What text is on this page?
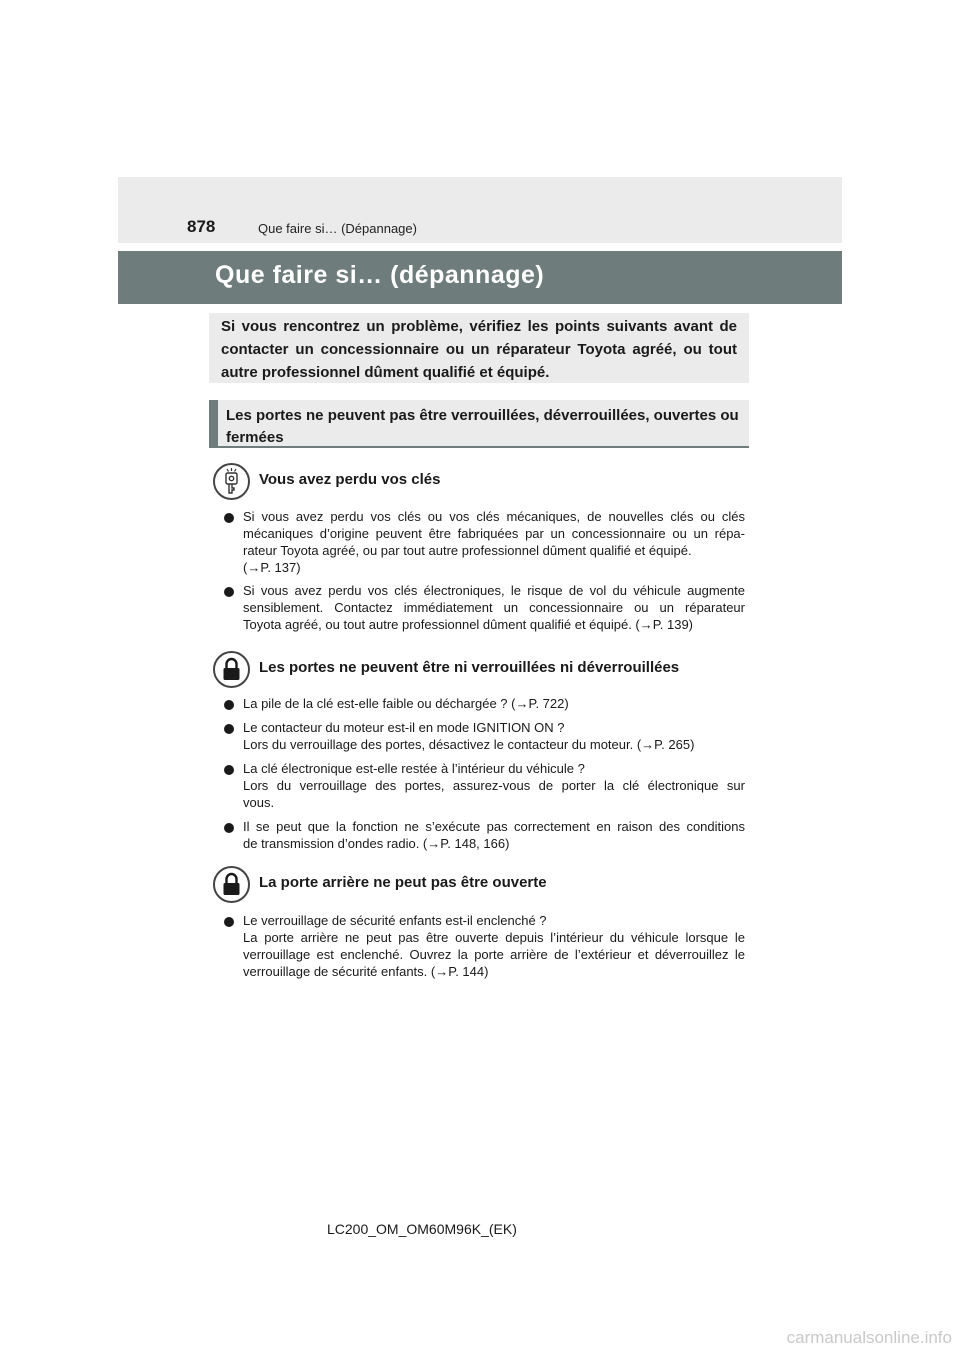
878	Que faire si… (Dépannage)
Que faire si… (dépannage)

Si vous rencontrez un problème, vérifiez les points suivants avant de contacter un concessionnaire ou un réparateur Toyota agréé, ou tout autre professionnel dûment qualifié et équipé.

Les portes ne peuvent pas être verrouillées, déverrouillées, ouvertes ou
fermées
Vous avez perdu vos clés
Si vous avez perdu vos clés ou vos clés mécaniques, de nouvelles clés ou clés
mécaniques d’origine peuvent être fabriquées par un concessionnaire ou un répa-
rateur Toyota agréé, ou par tout autre professionnel dûment qualifié et équipé.
(→P. 137)
Si vous avez perdu vos clés électroniques, le risque de vol du véhicule augmente
sensiblement. Contactez immédiatement un concessionnaire ou un réparateur
Toyota agréé, ou tout autre professionnel dûment qualifié et équipé. (→P. 139)
Les portes ne peuvent être ni verrouillées ni déverrouillées
La pile de la clé est-elle faible ou déchargée ? (→P. 722)
Le contacteur du moteur est-il en mode IGNITION ON ?
Lors du verrouillage des portes, désactivez le contacteur du moteur. (→P. 265)
La clé électronique est-elle restée à l’intérieur du véhicule ?
Lors du verrouillage des portes, assurez-vous de porter la clé électronique sur
vous.
Il se peut que la fonction ne s’exécute pas correctement en raison des conditions
de transmission d’ondes radio. (→P. 148, 166)
La porte arrière ne peut pas être ouverte
Le verrouillage de sécurité enfants est-il enclenché ?
La porte arrière ne peut pas être ouverte depuis l’intérieur du véhicule lorsque le
verrouillage est enclenché. Ouvrez la porte arrière de l’extérieur et déverrouillez le
verrouillage de sécurité enfants. (→P. 144)
LC200_OM_OM60M96K_(EK)
carmanualsonline.info
